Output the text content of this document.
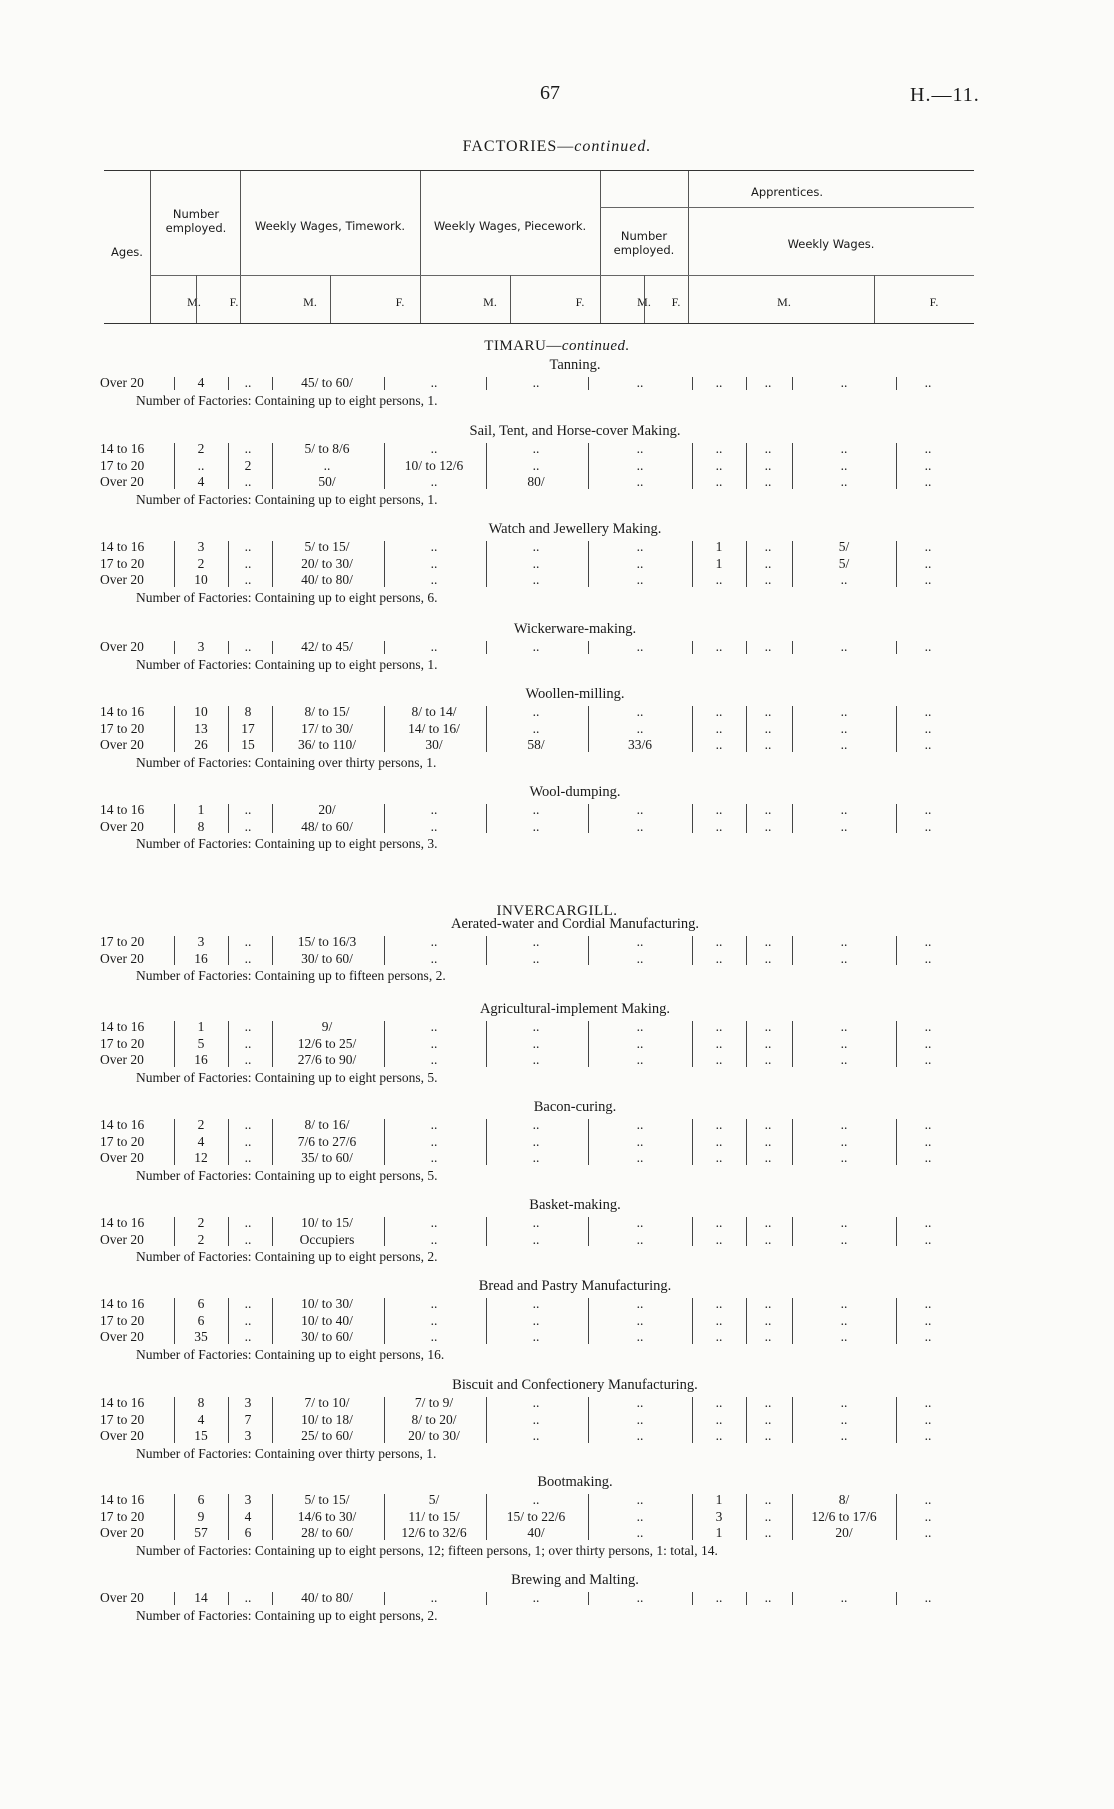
67	H.—11.
FACTORIES—continued.
Ages.
Number employed.	Weekly Wages, Timework.	Weekly Wages, Piecework.
Apprentices.
Number employed.	Weekly Wages.
M.	F.	M.	F.	M.	F.	M.	F.	M.	F.
TIMARU—continued.
INVERCARGILL.
Tanning.
Over 20	4	..	45/ to 60/	..	..	..	..	..	..	..
Number of Factories: Containing up to eight persons, 1.
Sail, Tent, and Horse-cover Making.
14 to 16	2	..	5/ to 8/6	..	..	..	..	..	..	..
17 to 20	..	2	..	10/ to 12/6	..	..	..	..	..	..
Over 20	4	..	50/	..	80/	..	..	..	..	..
Number of Factories: Containing up to eight persons, 1.
Watch and Jewellery Making.
14 to 16	3	..	5/ to 15/	..	..	..	1	..	5/	..
17 to 20	2	..	20/ to 30/	..	..	..	1	..	5/	..
Over 20	10	..	40/ to 80/	..	..	..	..	..	..	..
Number of Factories: Containing up to eight persons, 6.
Wickerware-making.
Over 20	3	..	42/ to 45/	..	..	..	..	..	..	..
Number of Factories: Containing up to eight persons, 1.
Woollen-milling.
14 to 16	10	8	8/ to 15/	8/ to 14/	..	..	..	..	..	..
17 to 20	13	17	17/ to 30/	14/ to 16/	..	..	..	..	..	..
Over 20	26	15	36/ to 110/	30/	58/	33/6	..	..	..	..
Number of Factories: Containing over thirty persons, 1.
Wool-dumping.
14 to 16	1	..	20/	..	..	..	..	..	..	..
Over 20	8	..	48/ to 60/	..	..	..	..	..	..	..
Number of Factories: Containing up to eight persons, 3.
Aerated-water and Cordial Manufacturing.
17 to 20	3	..	15/ to 16/3	..	..	..	..	..	..	..
Over 20	16	..	30/ to 60/	..	..	..	..	..	..	..
Number of Factories: Containing up to fifteen persons, 2.
Agricultural-implement Making.
14 to 16	1	..	9/	..	..	..	..	..	..	..
17 to 20	5	..	12/6 to 25/	..	..	..	..	..	..	..
Over 20	16	..	27/6 to 90/	..	..	..	..	..	..	..
Number of Factories: Containing up to eight persons, 5.
Bacon-curing.
14 to 16	2	..	8/ to 16/	..	..	..	..	..	..	..
17 to 20	4	..	7/6 to 27/6	..	..	..	..	..	..	..
Over 20	12	..	35/ to 60/	..	..	..	..	..	..	..
Number of Factories: Containing up to eight persons, 5.
Basket-making.
14 to 16	2	..	10/ to 15/	..	..	..	..	..	..	..
Over 20	2	..	Occupiers	..	..	..	..	..	..	..
Number of Factories: Containing up to eight persons, 2.
Bread and Pastry Manufacturing.
14 to 16	6	..	10/ to 30/	..	..	..	..	..	..	..
17 to 20	6	..	10/ to 40/	..	..	..	..	..	..	..
Over 20	35	..	30/ to 60/	..	..	..	..	..	..	..
Number of Factories: Containing up to eight persons, 16.
Biscuit and Confectionery Manufacturing.
14 to 16	8	3	7/ to 10/	7/ to 9/	..	..	..	..	..	..
17 to 20	4	7	10/ to 18/	8/ to 20/	..	..	..	..	..	..
Over 20	15	3	25/ to 60/	20/ to 30/	..	..	..	..	..	..
Number of Factories: Containing over thirty persons, 1.
Bootmaking.
14 to 16	6	3	5/ to 15/	5/	..	..	1	..	8/	..
17 to 20	9	4	14/6 to 30/	11/ to 15/	15/ to 22/6	..	3	..	12/6 to 17/6	..
Over 20	57	6	28/ to 60/	12/6 to 32/6	40/	..	1	..	20/	..
Number of Factories: Containing up to eight persons, 12; fifteen persons, 1; over thirty persons, 1: total, 14.
Brewing and Malting.
Over 20	14	..	40/ to 80/	..	..	..	..	..	..	..
Number of Factories: Containing up to eight persons, 2.
